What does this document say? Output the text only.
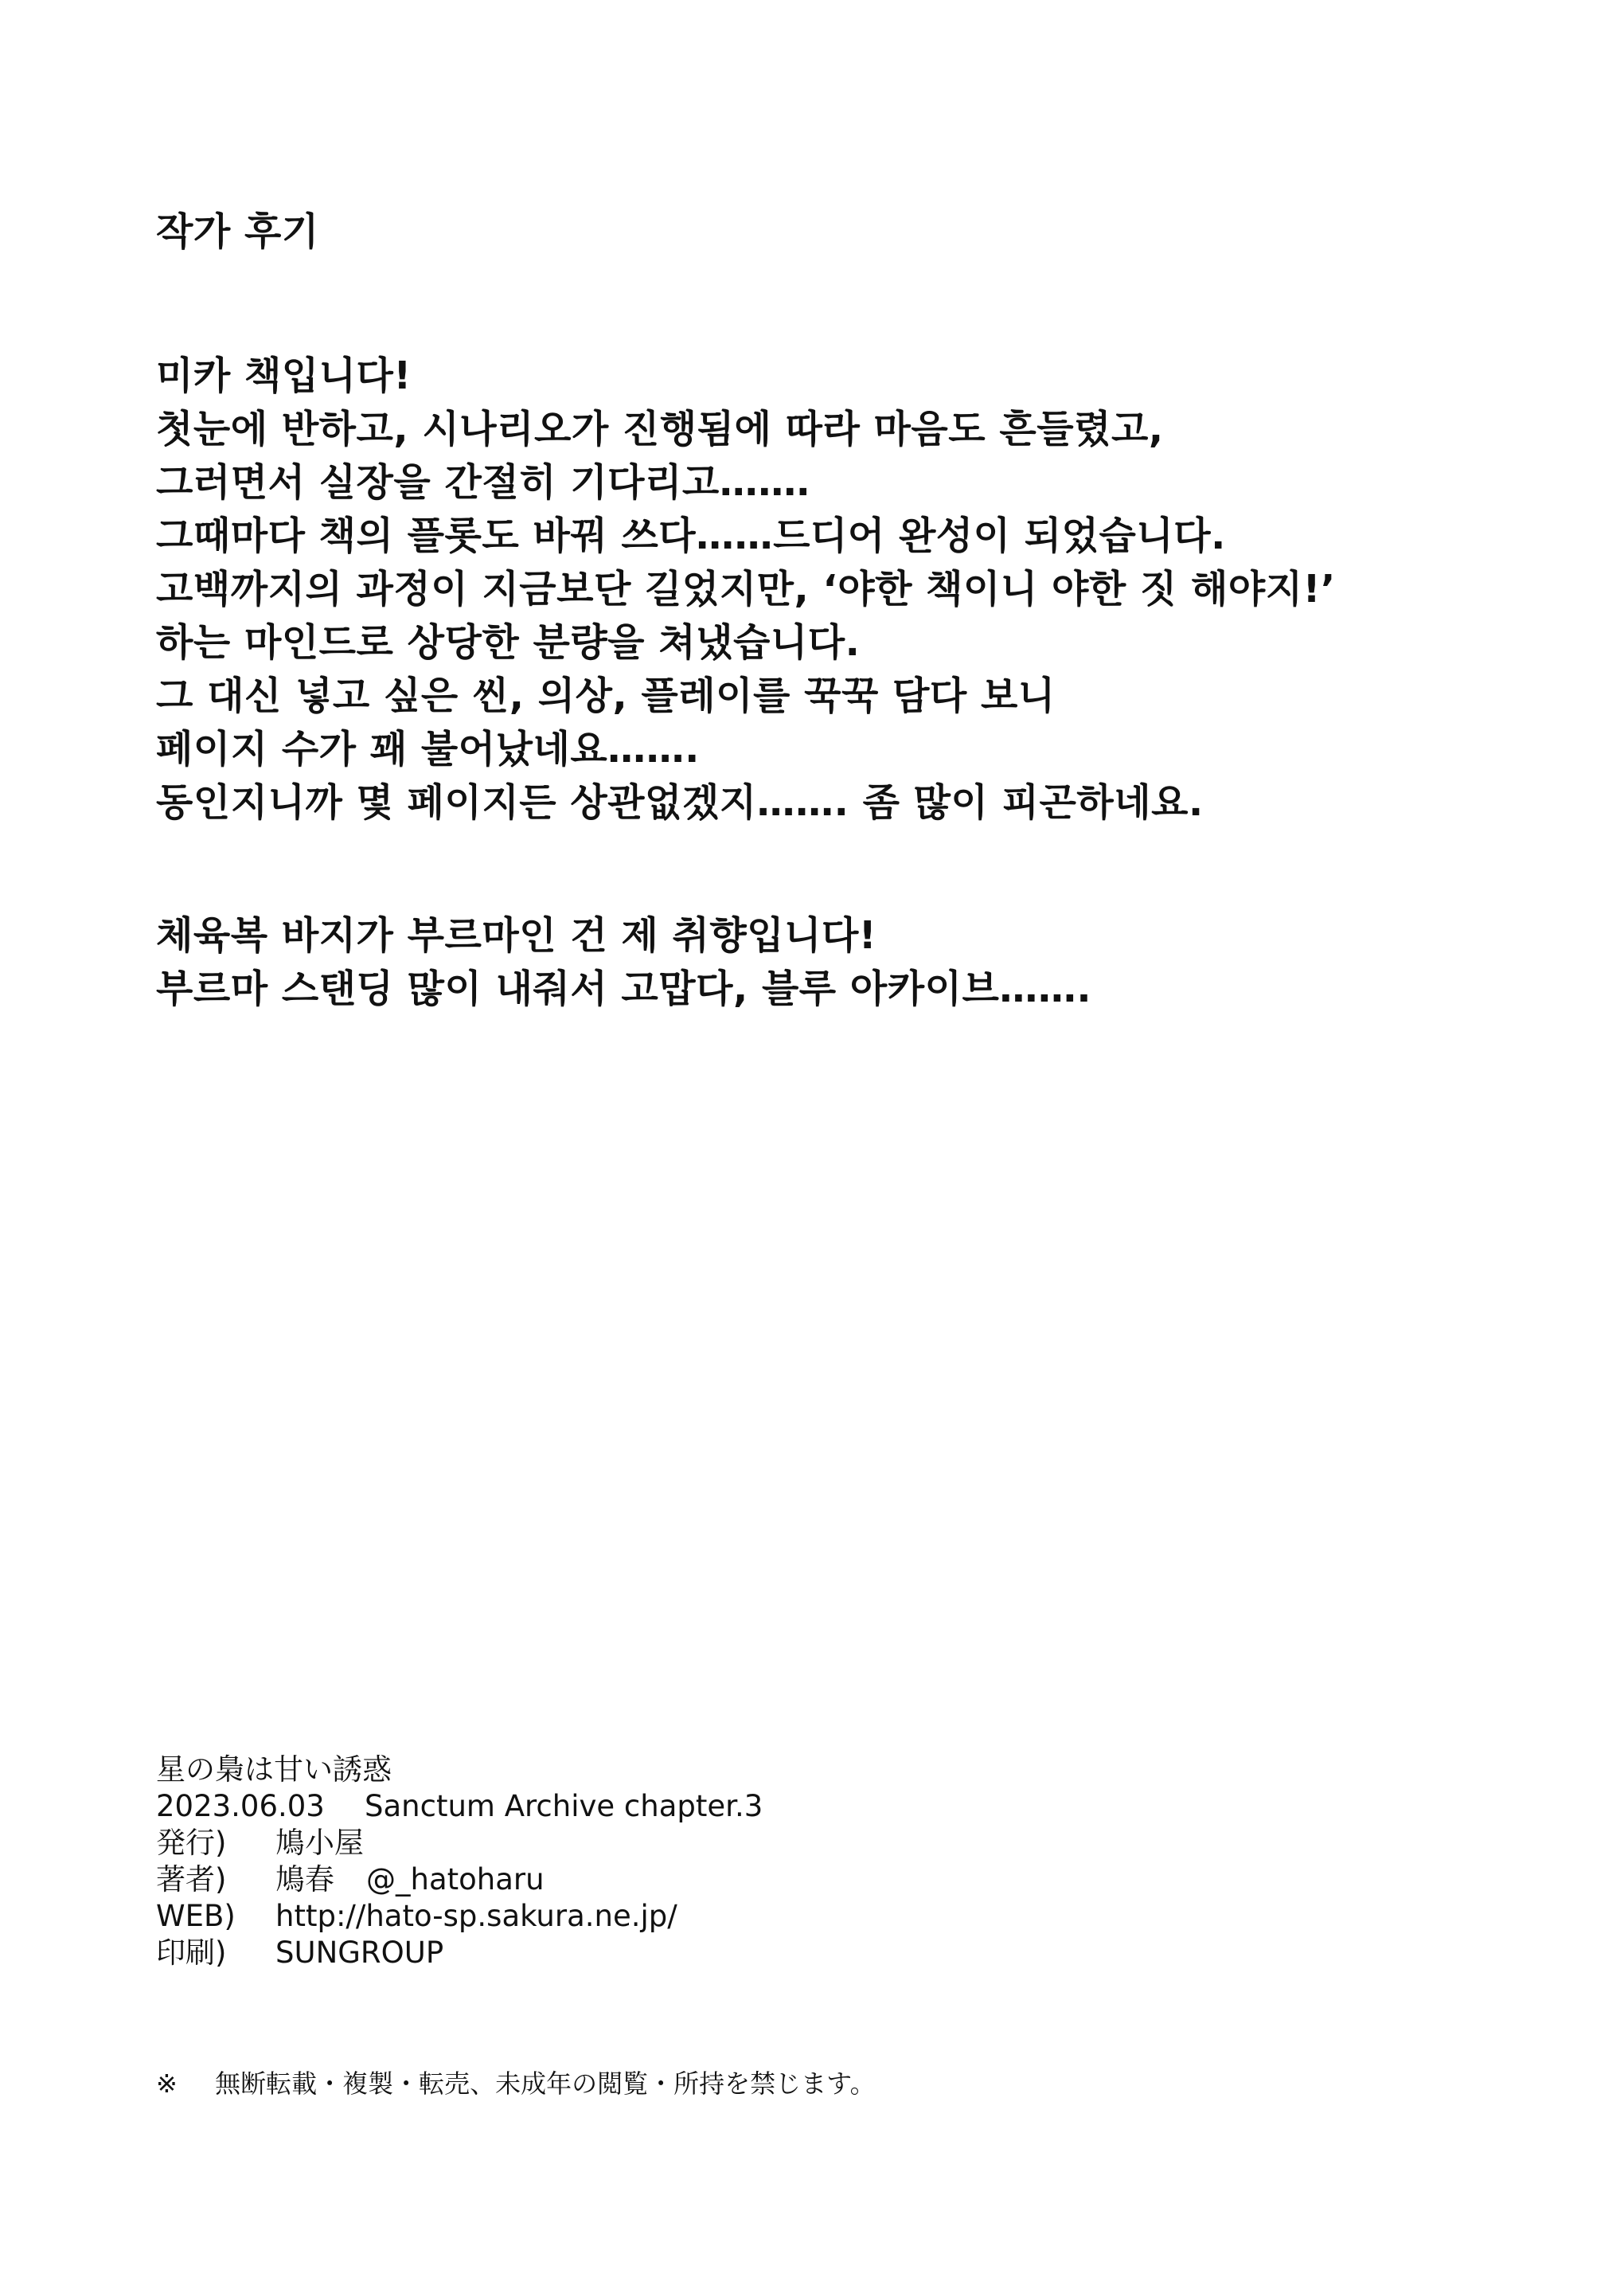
작가 후기
미카 책입니다!
첫눈에 반하고, 시나리오가 진행됨에 따라 마음도 흔들렸고,
그러면서 실장을 간절히 기다리고……․
그때마다 책의 플롯도 바꿔 쓰다……드디어 완성이 되었습니다.
고백까지의 과정이 지금보단 길었지만, ‘야한 책이니 야한 짓 해야지!’
하는 마인드로 상당한 분량을 쳐냈습니다.
그 대신 넣고 싶은 씬, 의상, 플레이를 꾹꾹 담다 보니
페이지 수가 꽤 불어났네요…….
동인지니까 몇 페이지든 상관없겠지……. 좀 많이 피곤하네요.
체육복 바지가 부르마인 건 제 취향입니다!
부르마 스탠딩 많이 내줘서 고맙다, 블루 아카이브…….
星の梟は甘い誘惑
2023.06.03	Sanctum Archive chapter.3
発行)	鳩小屋
著者)	鳩春 @_hatoharu
WEB)	http://hato-sp.sakura.ne.jp/
印刷)	SUNGROUP
※ 無断転載・複製・転売、未成年の閲覧・所持を禁じます。
